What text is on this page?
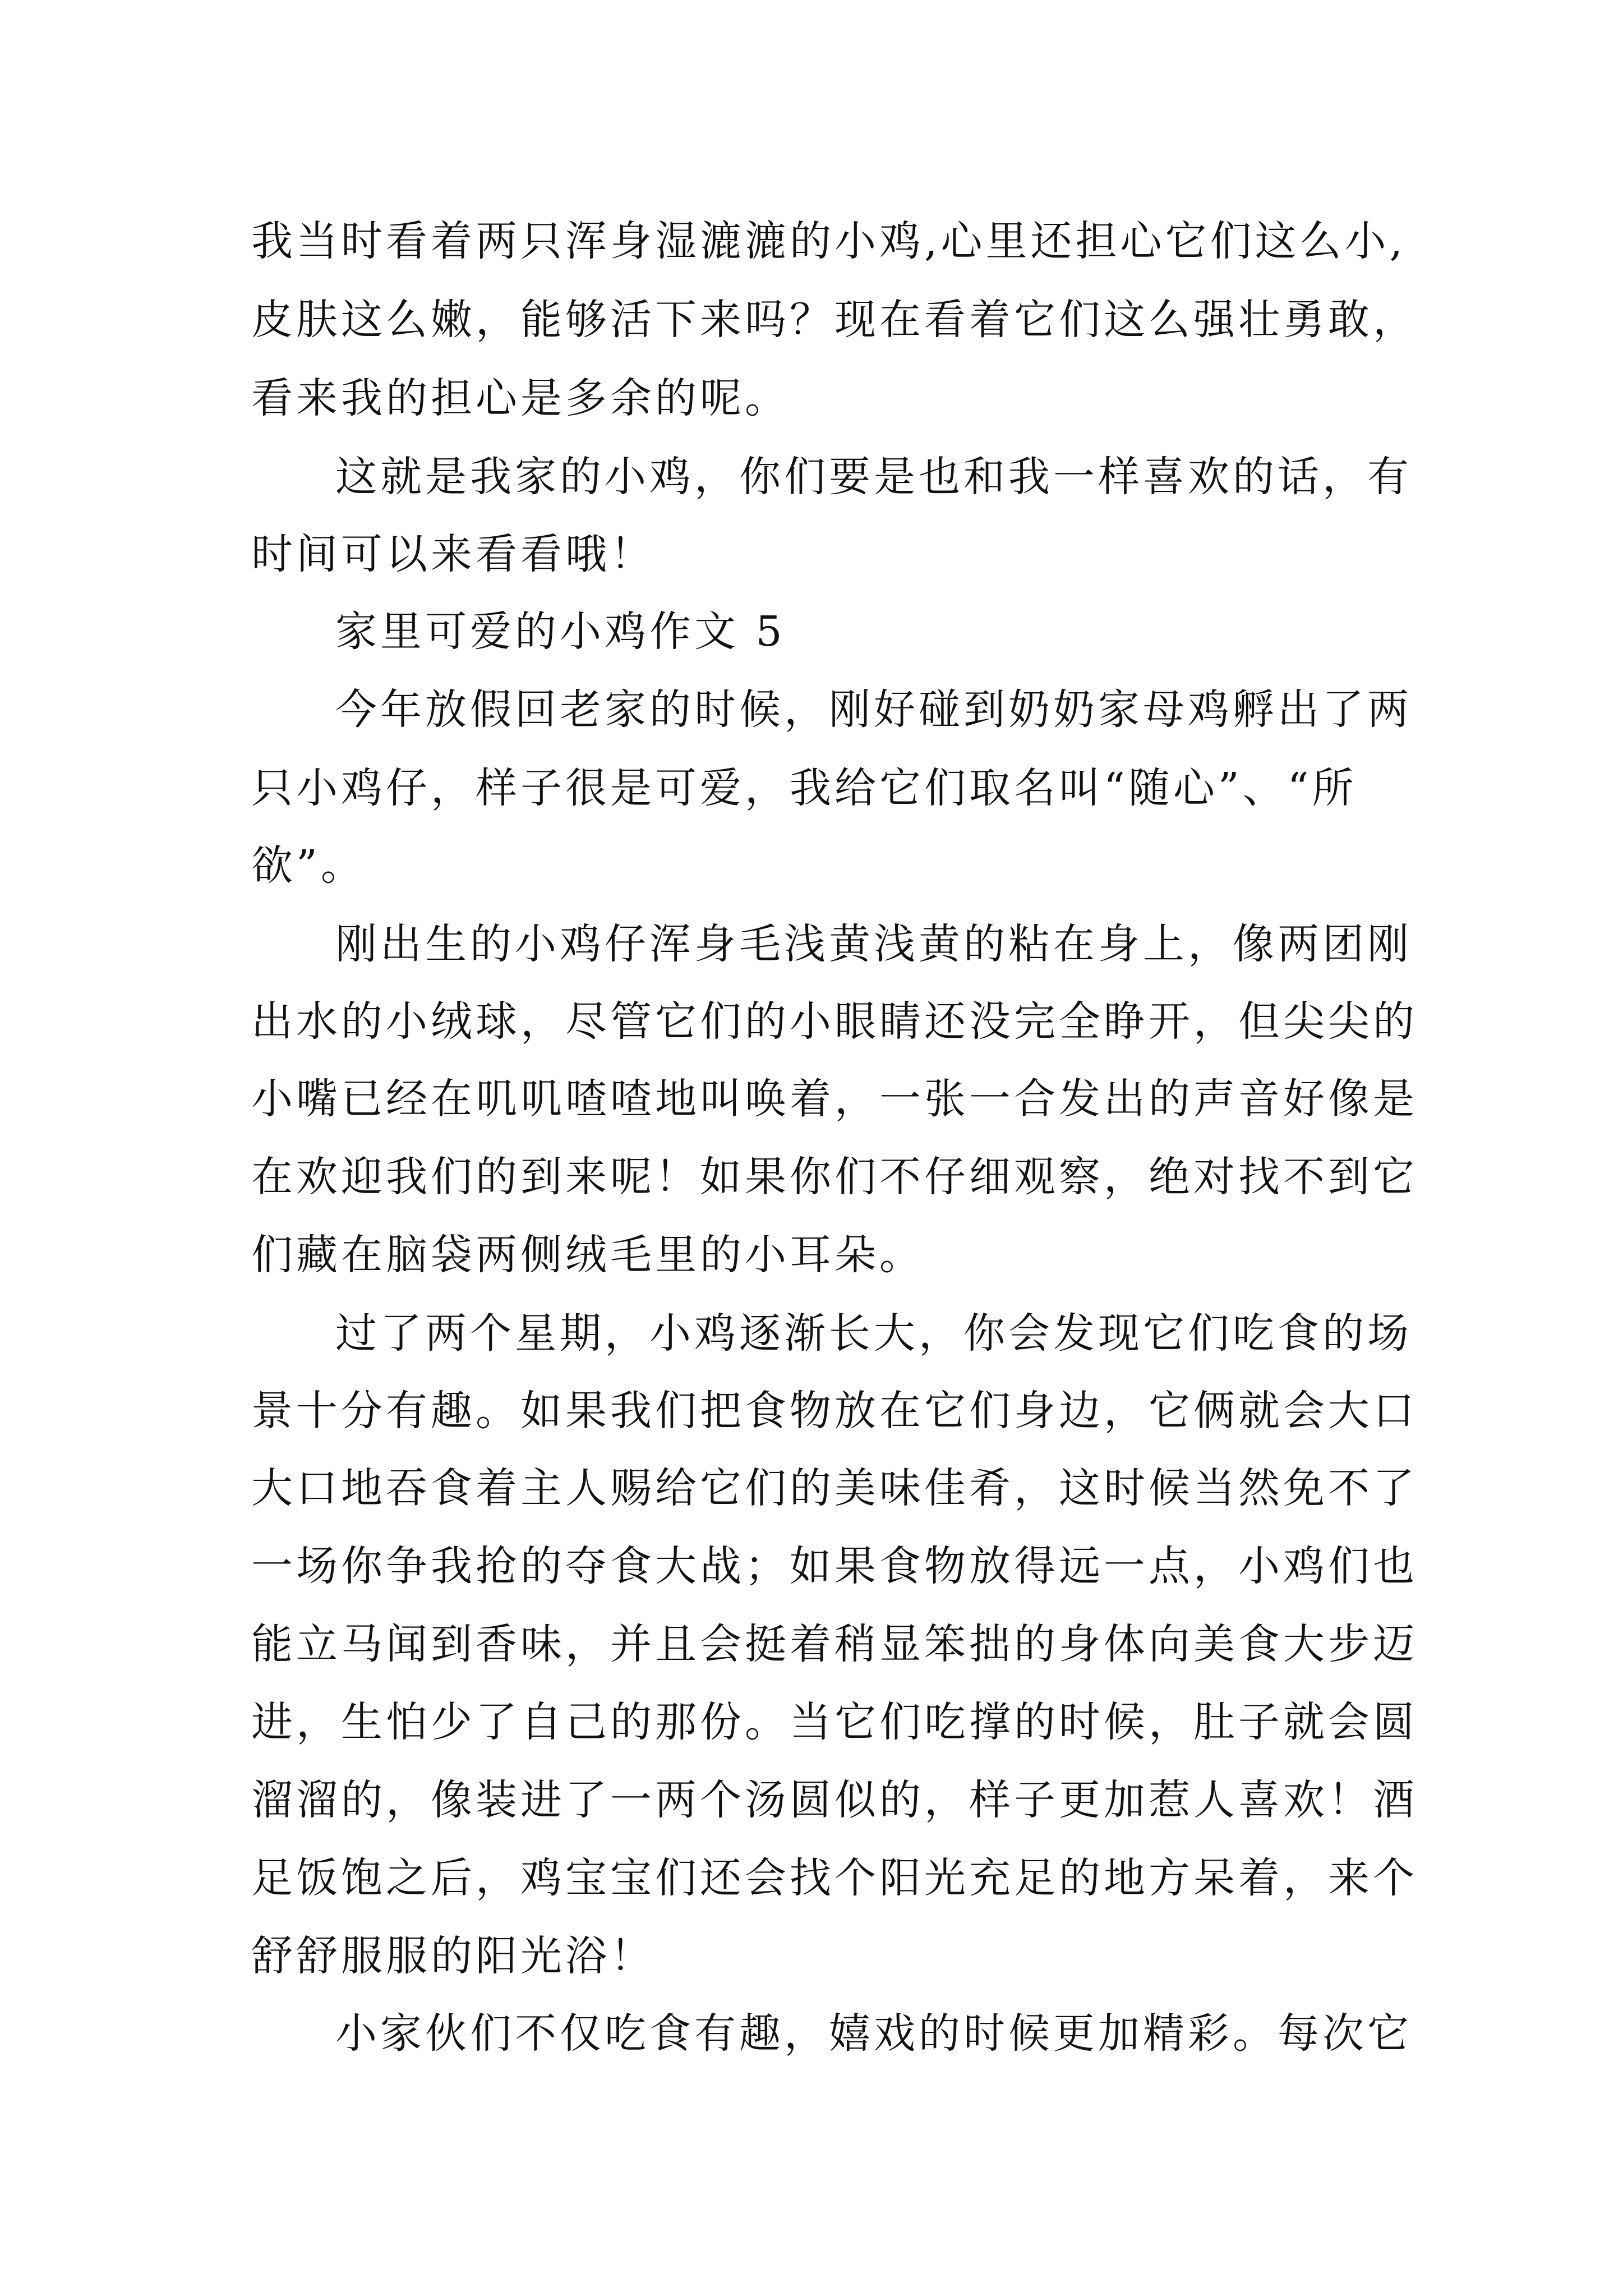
我当时看着两只浑身湿漉漉的小鸡,心里还担心它们这么小,
皮肤这么嫩，能够活下来吗？现在看着它们这么强壮勇敢，
看来我的担心是多余的呢。
这就是我家的小鸡，你们要是也和我一样喜欢的话，有
时间可以来看看哦！
家里可爱的小鸡作文 5
今年放假回老家的时候，刚好碰到奶奶家母鸡孵出了两
只小鸡仔，样子很是可爱，我给它们取名叫“随心”、“所
欲”。
刚出生的小鸡仔浑身毛浅黄浅黄的粘在身上，像两团刚
出水的小绒球，尽管它们的小眼睛还没完全睁开，但尖尖的
小嘴已经在叽叽喳喳地叫唤着，一张一合发出的声音好像是
在欢迎我们的到来呢！如果你们不仔细观察，绝对找不到它
们藏在脑袋两侧绒毛里的小耳朵。
过了两个星期，小鸡逐渐长大，你会发现它们吃食的场
景十分有趣。如果我们把食物放在它们身边，它俩就会大口
大口地吞食着主人赐给它们的美味佳肴，这时候当然免不了
一场你争我抢的夺食大战；如果食物放得远一点，小鸡们也
能立马闻到香味，并且会挺着稍显笨拙的身体向美食大步迈
进，生怕少了自己的那份。当它们吃撑的时候，肚子就会圆
溜溜的，像装进了一两个汤圆似的，样子更加惹人喜欢！酒
足饭饱之后，鸡宝宝们还会找个阳光充足的地方呆着，来个
舒舒服服的阳光浴！
小家伙们不仅吃食有趣，嬉戏的时候更加精彩。每次它
